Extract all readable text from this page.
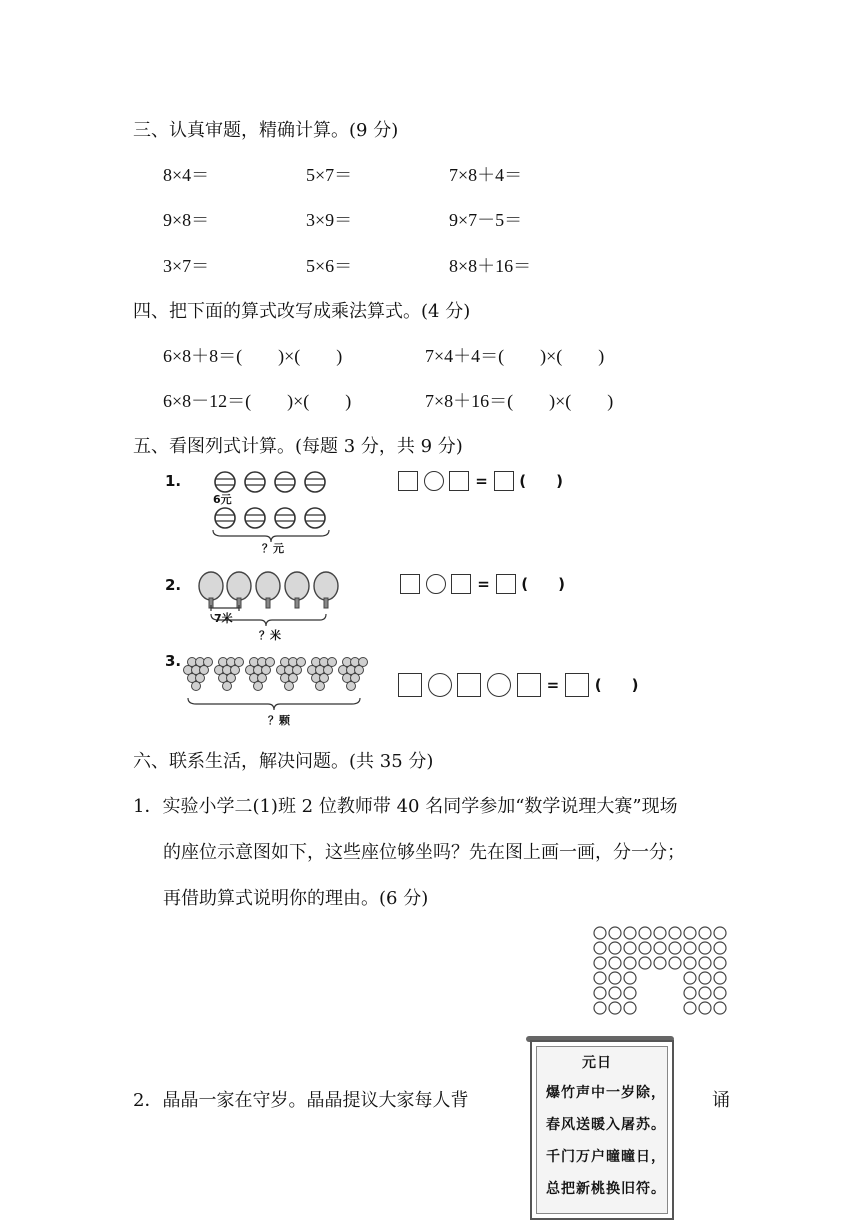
三、认真审题，精确计算。(9 分)
8×4＝	5×7＝	7×8＋4＝
9×8＝	3×9＝	9×7－5＝
3×7＝	5×6＝	8×8＋16＝
四、把下面的算式改写成乘法算式。(4 分)
6×8＋8＝(　　)×(　　)	7×4＋4＝(　　)×(　　)
6×8－12＝(　　)×(　　)	7×8＋16＝(　　)×(　　)
五、看图列式计算。(每题 3 分，共 9 分)
1.
6元
？元
= (　　)
2.
7米
？米
= (　　)
3.
？颗
= (　　)
六、联系生活，解决问题。(共 35 分)
1．实验小学二(1)班 2 位教师带 40 名同学参加“数学说理大赛”现场
的座位示意图如下，这些座位够坐吗？先在图上画一画，分一分；
再借助算式说明你的理由。(6 分)
2．晶晶一家在守岁。晶晶提议大家每人背	诵
元日
爆竹声中一岁除，
春风送暖入屠苏。
千门万户曈曈日，
总把新桃换旧符。
